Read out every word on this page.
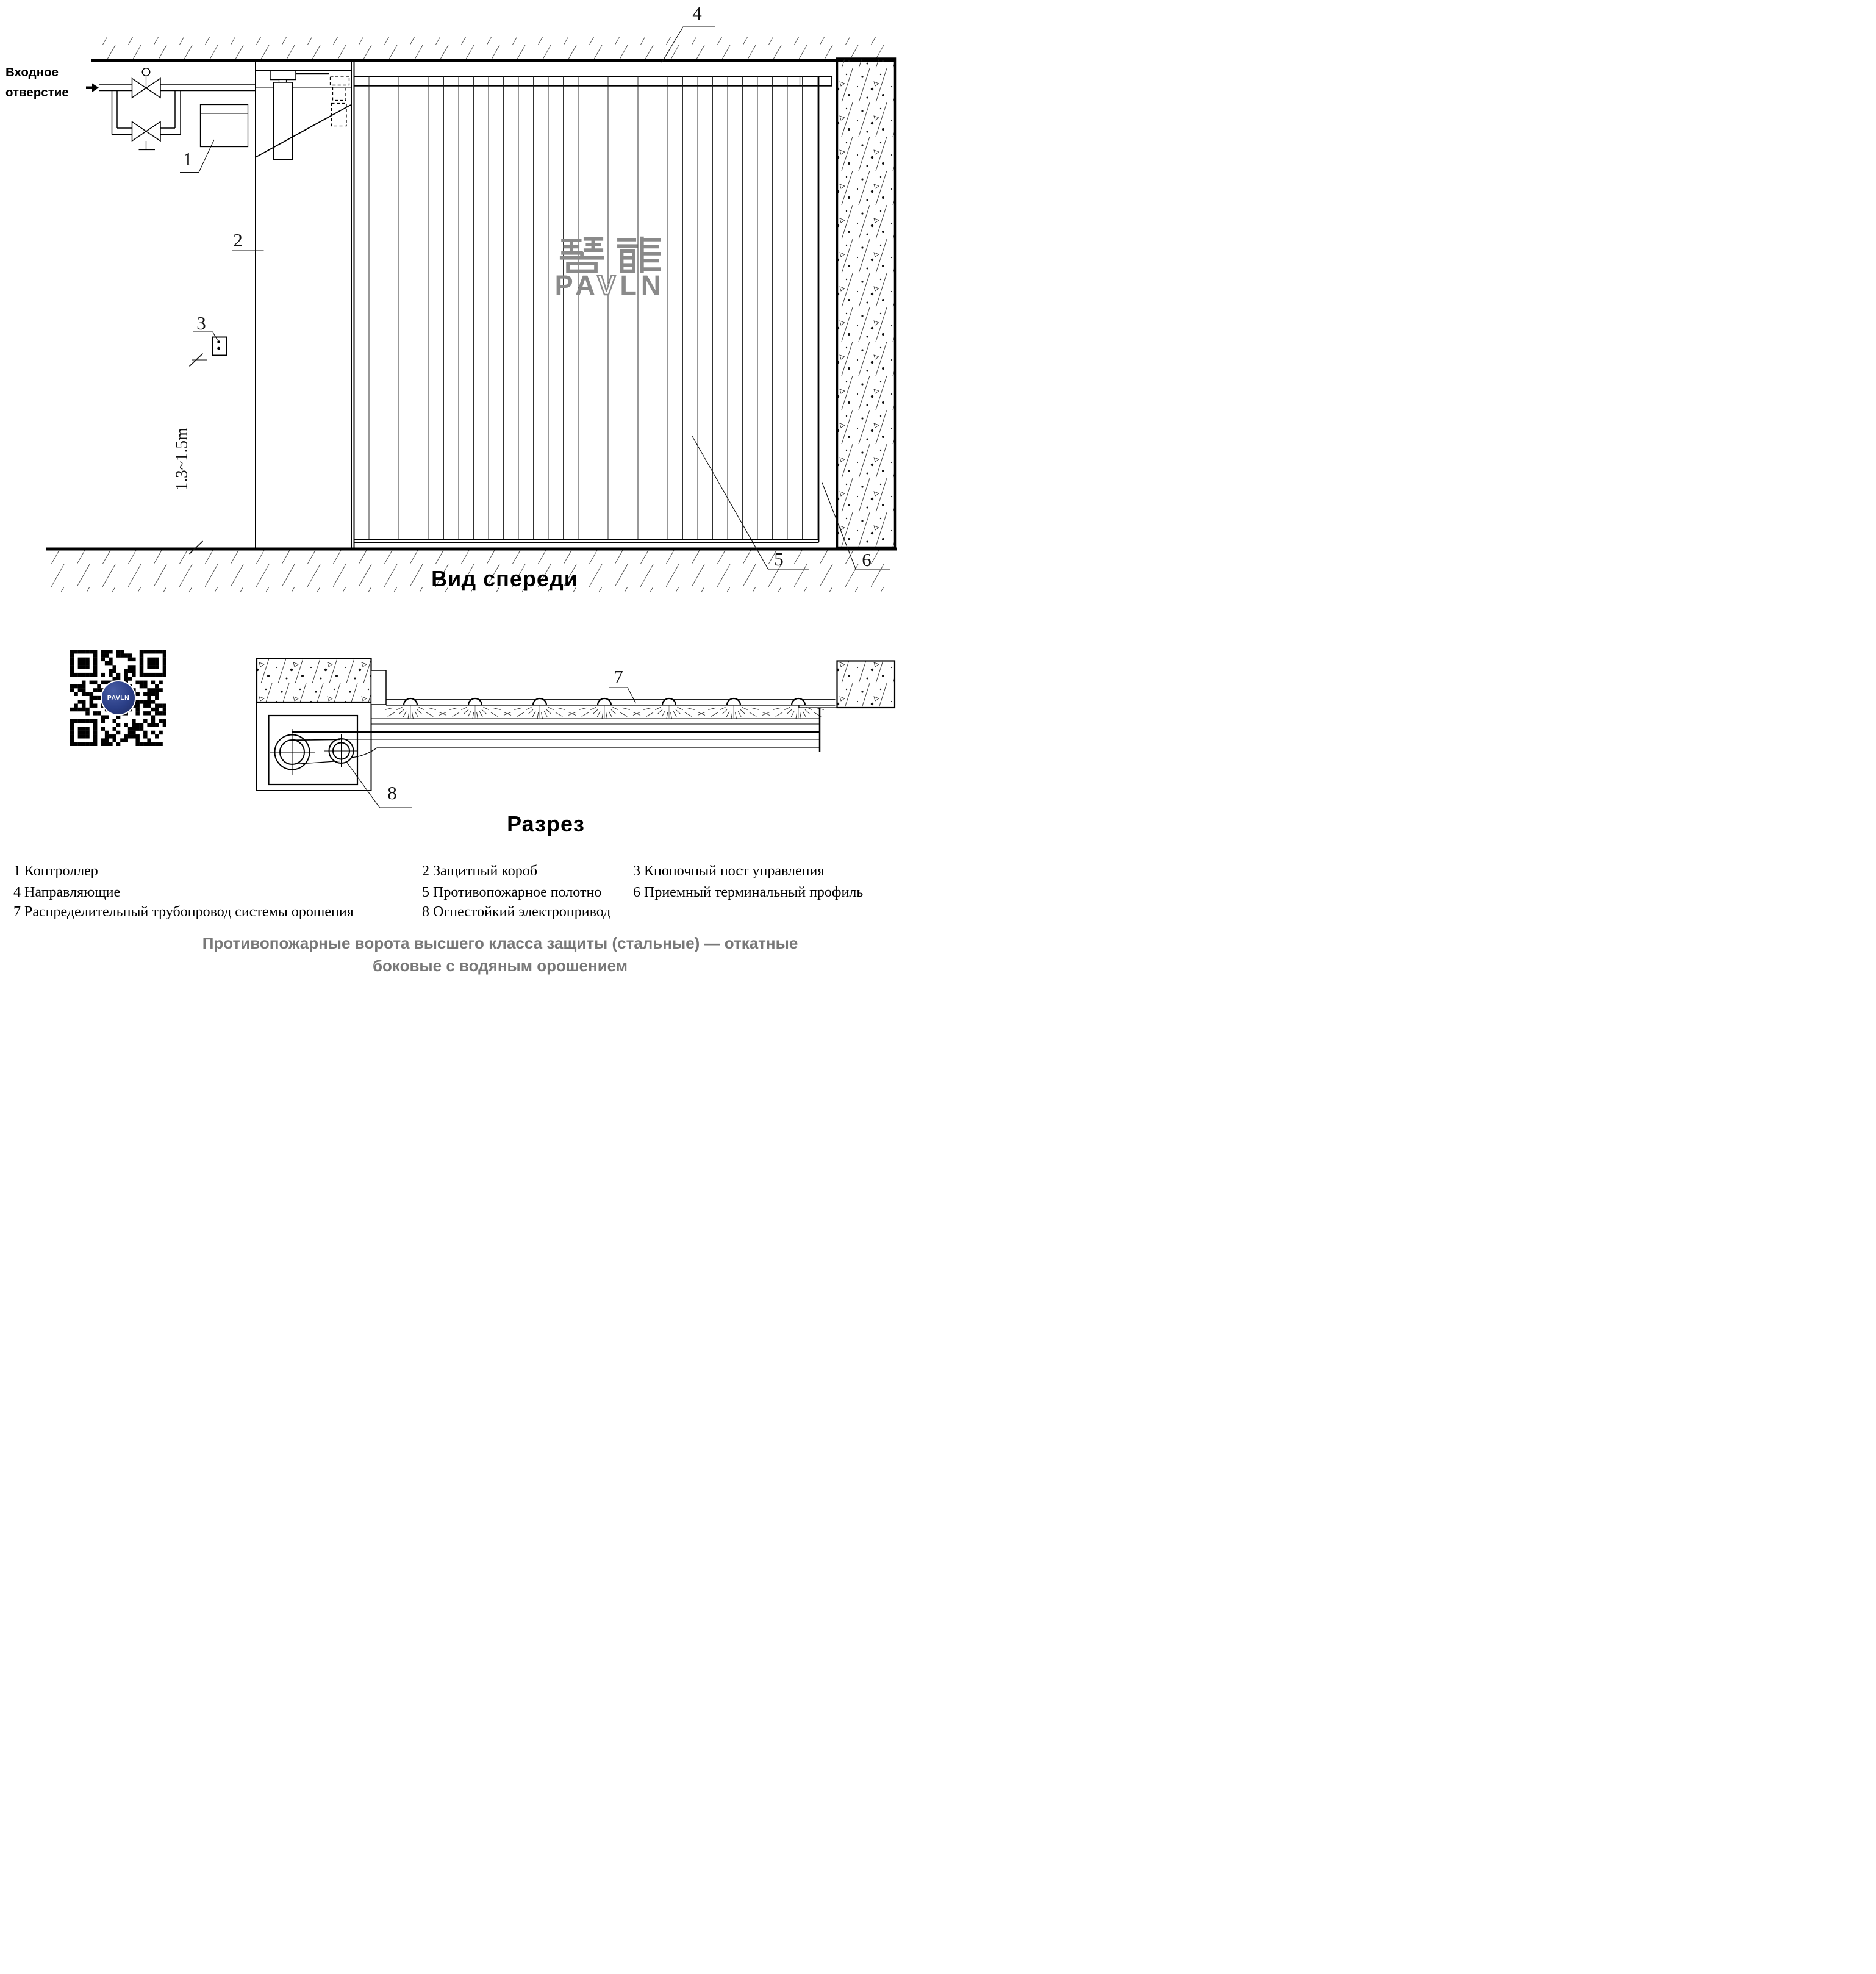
Входное
отверстие
1
2
3
4
5	6
7
8
1.3~1.5m
PAVLN
Вид спереди
Разрез
PAVLN
1 Контроллер	2 Защитный короб	3 Кнопочный пост управления
4 Направляющие	5 Противопожарное полотно 6 Приемный терминальный профиль
7 Распределительный трубопровод системы орошения	8 Огнестойкий электропривод
Противопожарные ворота высшего класса защиты (стальные) — откатные
боковые с водяным орошением
